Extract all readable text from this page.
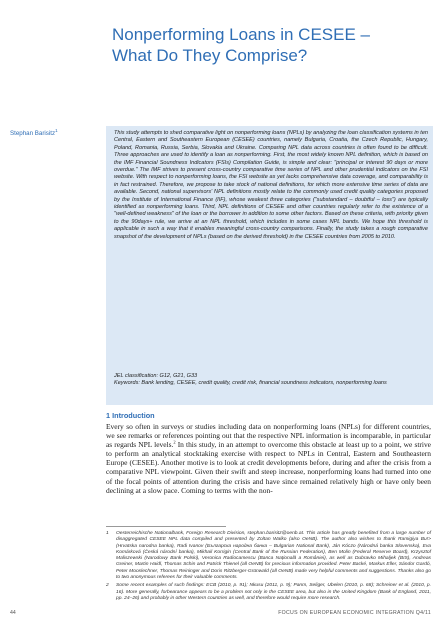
Nonperforming Loans in CESEE –
What Do They Comprise?
Stephan Barisitz$^1$	This study attempts to shed comparative light on nonperforming loans (NPLs) by analyzing the loan classification systems in ten Central, Eastern and Southeastern European (CESEE) countries, namely Bulgaria, Croatia, the Czech Republic, Hungary, Poland, Romania, Russia, Serbia, Slovakia and Ukraine. Comparing NPL data across countries is often found to be difficult. Three approaches are used to identify a loan as nonperforming. First, the most widely known NPL definition, which is based on the IMF Financial Soundness Indicators (FSIs) Compilation Guide, is simple and clear: "principal or interest 90 days or more overdue." The IMF strives to present cross-country comparative time series of NPL and other prudential indicators on the FSI website. With respect to nonperforming loans, the FSI website as yet lacks comprehensive data coverage, and comparability is in fact restrained. Therefore, we propose to take stock of national definitions, for which more extensive time series of data are available. Second, national supervisors' NPL definitions mostly relate to the commonly used credit quality categories proposed by the Institute of International Finance (IIF), whose weakest three categories ("substandard – doubtful – loss") are typically identified as nonperforming loans. Third, NPL definitions of CESEE and other countries regularly refer to the existence of a "well-defined weakness" of the loan or the borrower in addition to some other factors. Based on these criteria, with priority given to the 90days+ rule, we arrive at an NPL threshold, which includes in some cases NPL bands. We hope this threshold is applicable in such a way that it enables meaningful cross-country comparisons. Finally, the study takes a rough comparative snapshot of the development of NPLs (based on the derived threshold) in the CESEE countries from 2005 to 2010.

JEL classification: G12, G21, G33

Keywords: Bank lending, CESEE, credit quality, credit risk, financial soundness indicators, nonperforming loans

1 Introduction

Every so often in surveys or studies including data on nonperforming loans (NPLs) for different countries, we see remarks or references pointing out that the respective NPL information is incomparable, in particular as regards NPL levels.$^2$ In this study, in an attempt to overcome this obstacle at least up to a point, we strive to perform an analytical stocktaking exercise with respect to NPLs in Central, Eastern and Southeastern Europe (CESEE). Another motive is to look at credit developments before, during and after the crisis from a comparative NPL viewpoint. Given their swift and steep increase, nonperforming loans had turned into one of the focal points of attention during the crisis and have since remained relatively high or have only been declining at a slow pace. Coming to terms with the non-

1	Oesterreichische Nationalbank, Foreign Research Division, stephan.barisitz@oenb.at. This article has greatly benefited from a large number of disaggregated CESEE NPL data compiled and presented by Zoltan Walko (also OeNB). The author also wishes to thank Ramigiya Bu!> (Hrvatska narodna banka), Radi Ivanov (Българска народна банка – Bulgarian National Bank), Ján Kóczo (Národná banka Slovenska), Eva Komárková (Česká národní banka), Mikhail Korrigin (Central Bank of the Russian Federation), Ben Molin (Federal Reserve Board), Krzysztof Maliszewski (Narodowy Bank Polski), Veronica Radiocamescu (Banca Națională a României), as well as Dubravko Mihaljek (BIS), Andreas Greiner, Martin Haidl, Thomas Schin and Patrick Thienel (all OeNB) for precious information provided. Peter Backé, Markus Eller, Sándor Gardó, Peter Mooslechner, Thomas Reininger and Doris Ritzberger-Grünwald (all OeNB) made very helpful comments and suggestions. Thanks also go to two anonymous referees for their valuable comments.
2	Some recent examples of such findings: ECB (2010, p. 91); Nkusu (2011, p. 9); Panm, Seliger, Ubelen (2010, p. 68); Schreiner et al. (2010, p. 16). More generally, forbearance appears to be a problem not only in the CESEE area, but also in the United Kingdom (Bank of England, 2011, pp. 24–26) and probably in other Western countries as well, and therefore would require more research.
44	FOCUS ON EUROPEAN ECONOMIC INTEGRATION Q4/11
